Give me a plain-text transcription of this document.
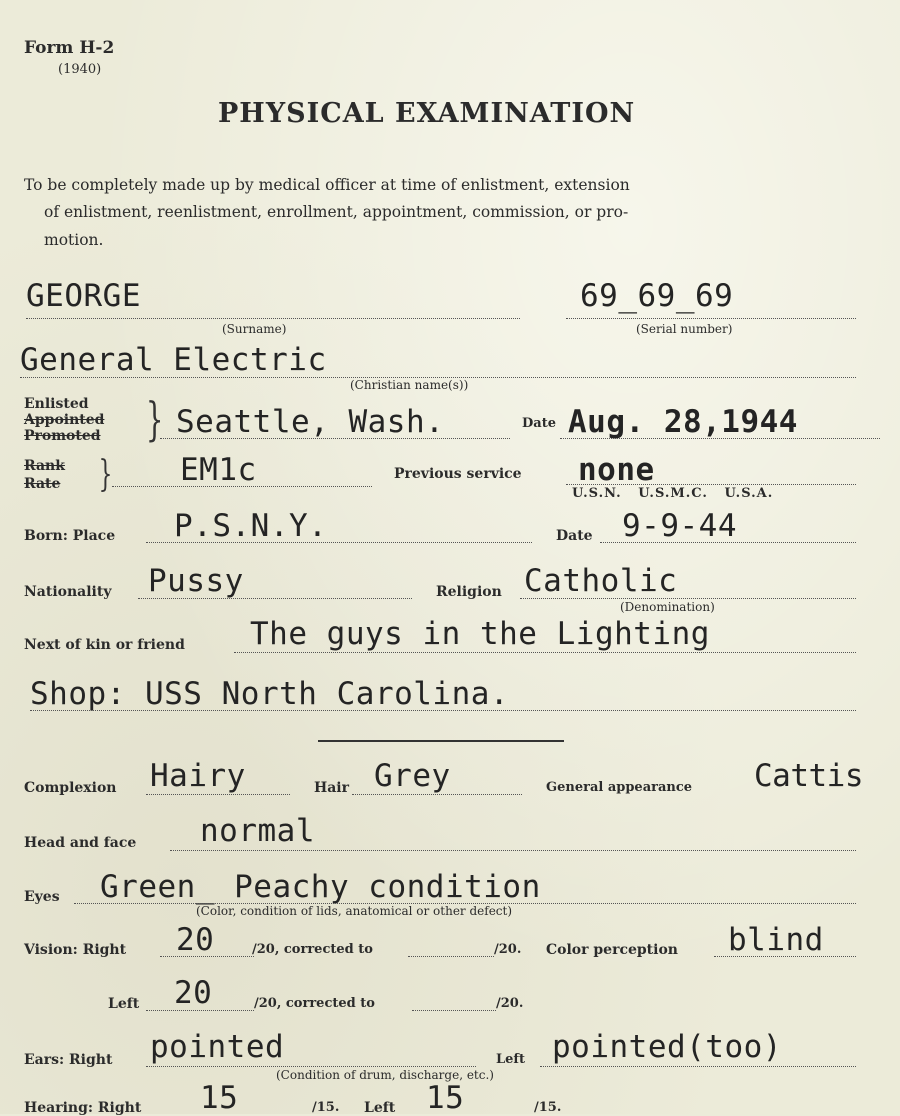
Form H-2
(1940)
PHYSICAL EXAMINATION
To be completely made up by medical officer at time of enlistment, extension
of enlistment, reenlistment, enrollment, appointment, commission, or pro-
motion.
GEORGE
(Surname)
69_69_69
(Serial number)
General Electric
(Christian name(s))
Enlisted
Appointed
Promoted } Seattle, Wash.	Date Aug. 28,1944
Rank
Rate } EM1c	Previous service none
U.S.N.   U.S.M.C.   U.S.A.
Born: Place P.S.N.Y.	Date 9-9-44
Nationality Pussy	Religion Catholic
(Denomination)
Next of kin or friend The guys in the Lighting
Shop: USS North Carolina.
Complexion Hairy	Hair Grey	General appearance Cattis
Head and face normal
Eyes Green_ Peachy condition
(Color, condition of lids, anatomical or other defect)
Vision: Right 20	/20, corrected to	/20. Color perception blind
Left 20	/20, corrected to	/20.
Ears: Right pointed	Left pointed(too)
(Condition of drum, discharge, etc.)
Hearing: Right 15	/15. Left 15	/15.
